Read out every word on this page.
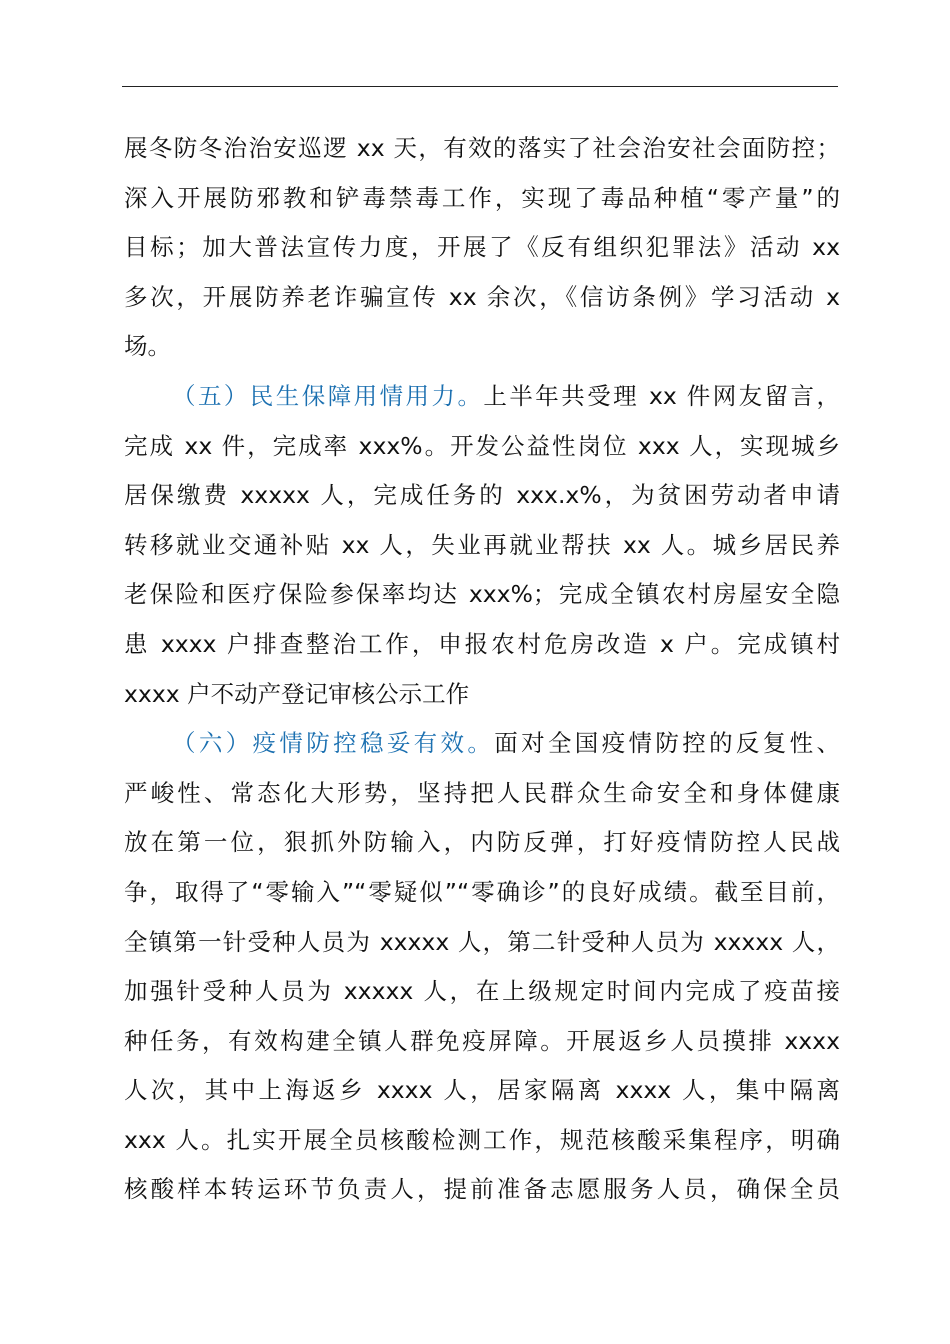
展冬防冬治治安巡逻 xx 天，有效的落实了社会治安社会面防控；
深入开展防邪教和铲毒禁毒工作，实现了毒品种植“零产量”的
目标；加大普法宣传力度，开展了《反有组织犯罪法》活动 xx
多次，开展防养老诈骗宣传 xx 余次，《信访条例》学习活动 x
场。
（五）民生保障用情用力。上半年共受理 xx 件网友留言，
完成 xx 件，完成率 xxx%。开发公益性岗位 xxx 人，实现城乡
居保缴费 xxxxx 人，完成任务的 xxx.x%，为贫困劳动者申请
转移就业交通补贴 xx 人，失业再就业帮扶 xx 人。城乡居民养
老保险和医疗保险参保率均达 xxx%；完成全镇农村房屋安全隐
患 xxxx 户排查整治工作，申报农村危房改造 x 户。完成镇村
xxxx 户不动产登记审核公示工作
（六）疫情防控稳妥有效。面对全国疫情防控的反复性、
严峻性、常态化大形势，坚持把人民群众生命安全和身体健康
放在第一位，狠抓外防输入，内防反弹，打好疫情防控人民战
争，取得了“零输入”“零疑似”“零确诊”的良好成绩。截至目前，
全镇第一针受种人员为 xxxxx 人，第二针受种人员为 xxxxx 人，
加强针受种人员为 xxxxx 人，在上级规定时间内完成了疫苗接
种任务，有效构建全镇人群免疫屏障。开展返乡人员摸排 xxxx
人次，其中上海返乡 xxxx 人，居家隔离 xxxx 人，集中隔离
xxx 人。扎实开展全员核酸检测工作，规范核酸采集程序，明确
核酸样本转运环节负责人，提前准备志愿服务人员，确保全员
